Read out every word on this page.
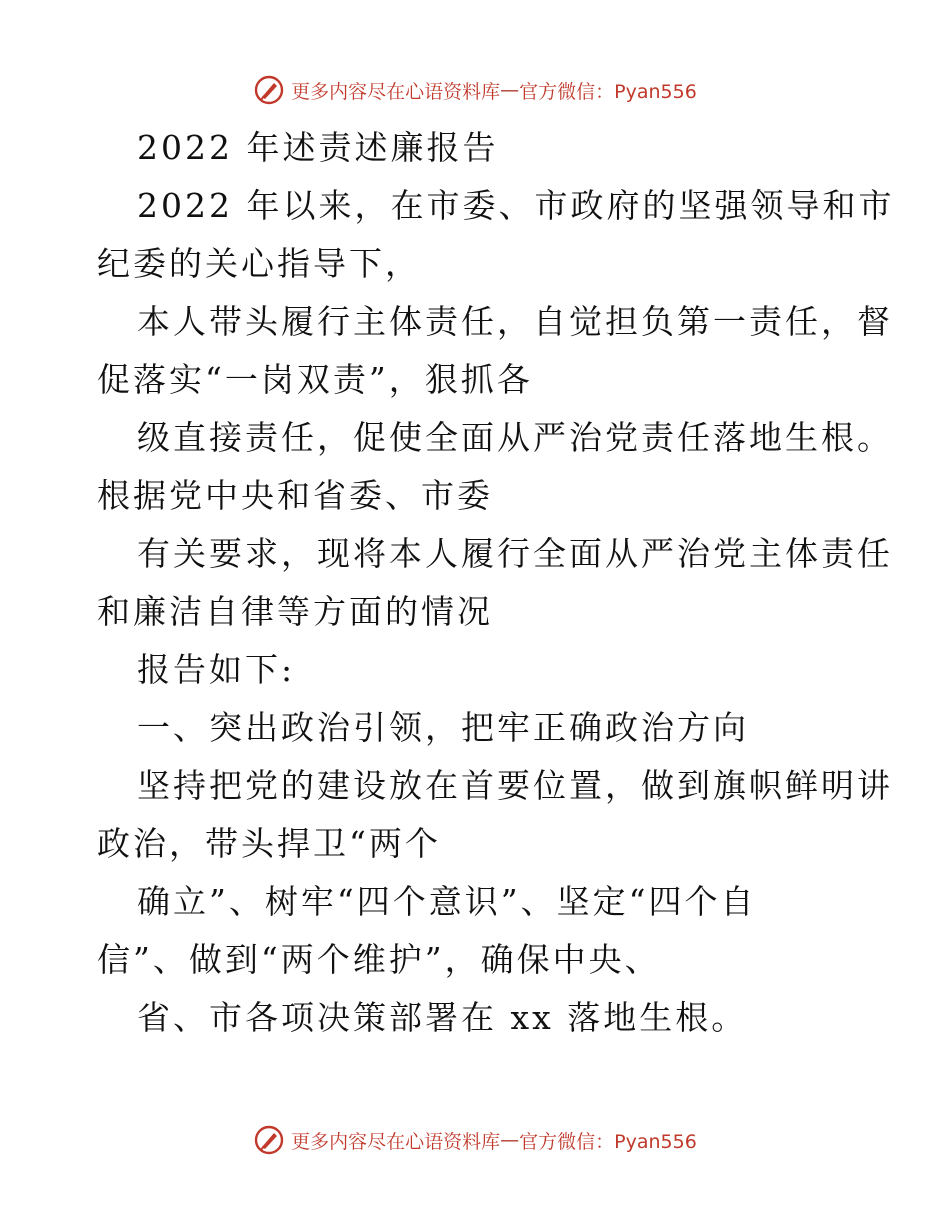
更多内容尽在心语资料库 — 官方微信：Pyan556
2022 年述责述廉报告
2022 年以来，在市委、市政府的坚强领导和市
纪委的关心指导下，
本人带头履行主体责任，自觉担负第一责任，督
促落实“一岗双责”，狠抓各
级直接责任，促使全面从严治党责任落地生根。
根据党中央和省委、市委
有关要求，现将本人履行全面从严治党主体责任
和廉洁自律等方面的情况
报告如下:
一、突出政治引领，把牢正确政治方向
坚持把党的建设放在首要位置，做到旗帜鲜明讲
政治，带头捍卫“两个
确立”、树牢“四个意识”、坚定“四个自
信”、做到“两个维护”，确保中央、
省、市各项决策部署在 xx 落地生根。
更多内容尽在心语资料库 — 官方微信：Pyan556
